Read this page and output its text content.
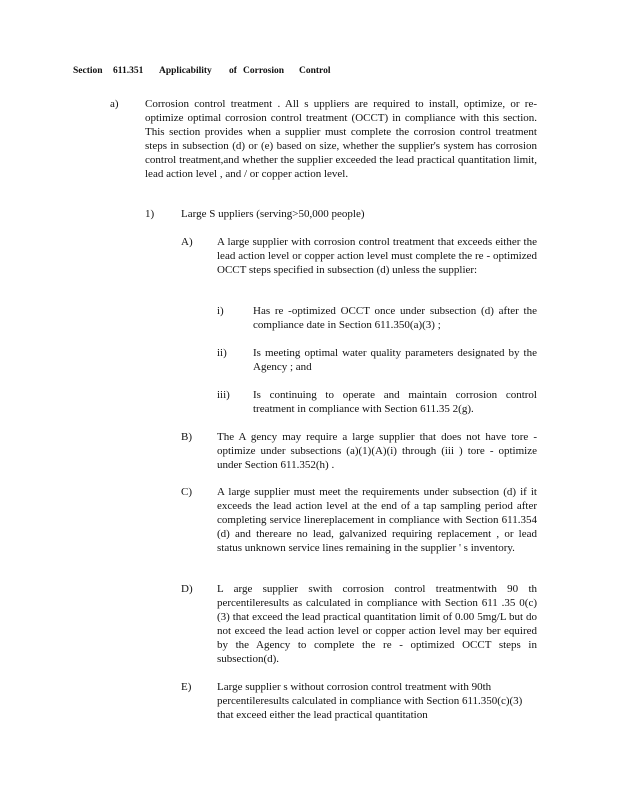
Section 611.351 Applicability of Corrosion Control
a) Corrosion control treatment . All s uppliers are required to install, optimize, or re-optimize optimal corrosion control treatment (OCCT) in compliance with this section. This section provides when a supplier must complete the corrosion control treatment steps in subsection (d) or (e) based on size, whether the supplier's system has corrosion control treatment,and whether the supplier exceeded the lead practical quantitation limit, lead action level , and / or copper action level.
1) Large S uppliers (serving>50,000 people)
A) A large supplier with corrosion control treatment that exceeds either the lead action level or copper action level must complete the re - optimized OCCT steps specified in subsection (d) unless the supplier:
i)	Has re -optimized OCCT once under subsection (d) after the compliance date in Section 611.350(a)(3) ;
ii) Is meeting optimal water quality parameters designated by the Agency ; and
iii) Is continuing to operate and maintain corrosion control treatment in compliance with Section 611.35 2(g).
B) The A gency may require a large supplier that does not have tore - optimize under subsections (a)(1)(A)(i) through (iii ) tore - optimize under Section 611.352(h) .
C) A large supplier must meet the requirements under subsection (d) if it exceeds the lead action level at the end of a tap sampling period after completing service linereplacement in compliance with Section 611.354 (d) and thereare no lead, galvanized requiring replacement , or lead status unknown service lines remaining in the supplier ' s inventory.
D) L arge supplier swith corrosion control treatmentwith 90 th percentileresults as calculated in compliance with Section 611 .35 0(c)(3) that exceed the lead practical quantitation limit of 0.00 5mg/L but do not exceed the lead action level or copper action level may ber equired by the Agency to complete the re - optimized OCCT steps in subsection(d).
E) Large supplier s without corrosion control treatment with 90th percentileresults calculated in compliance with Section 611.350(c)(3) that exceed either the lead practical quantitation
